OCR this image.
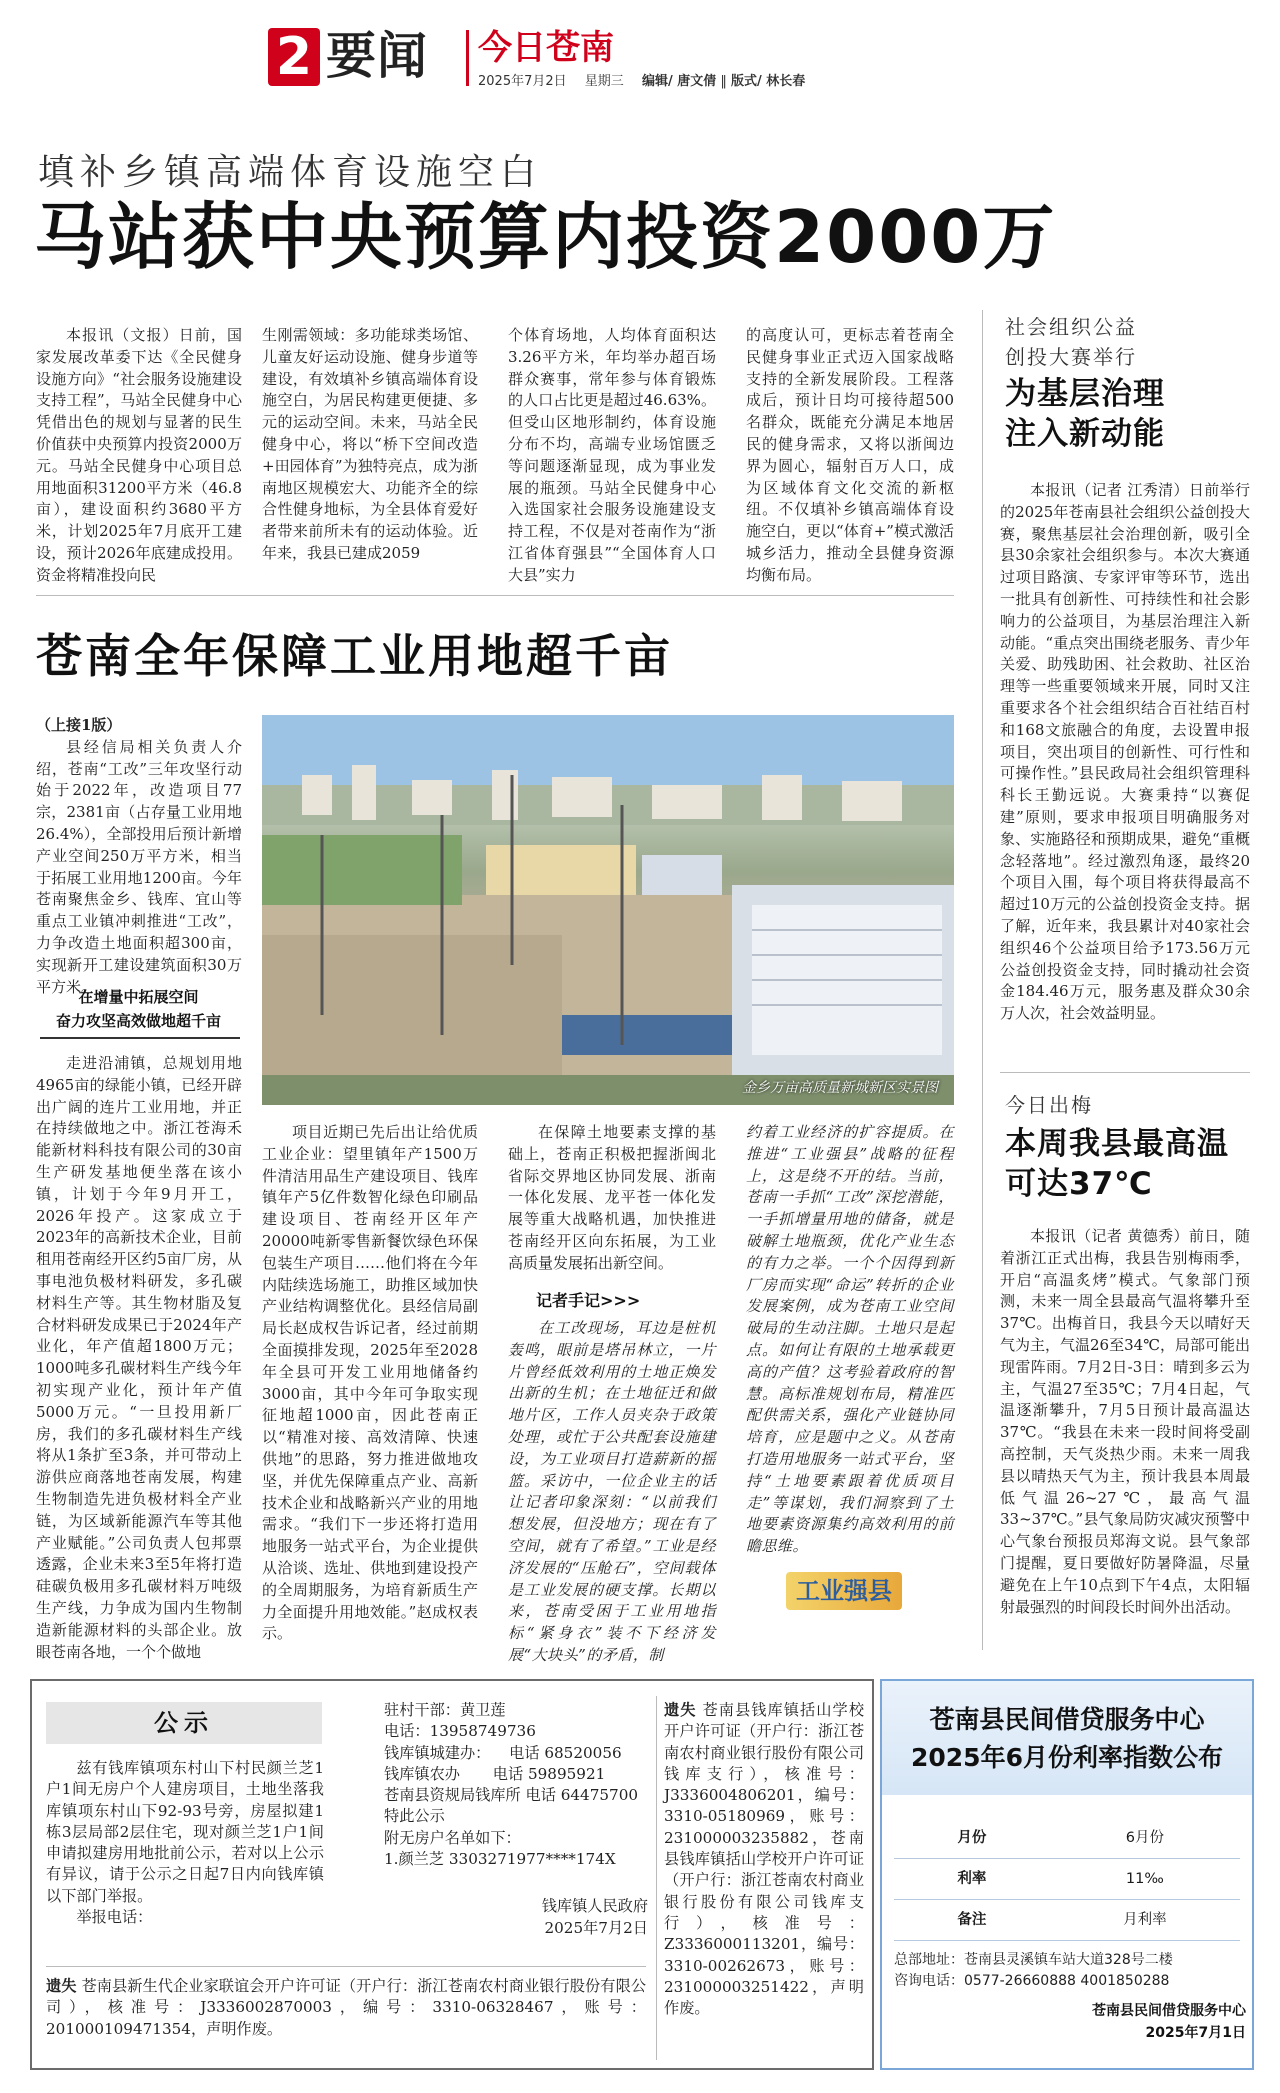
2 要闻 今日苍南
2025年7月2日 星期三 编辑/ 唐文倩 ‖ 版式/ 林长春
填补乡镇高端体育设施空白
马站获中央预算内投资2000万

本报讯（文报）日前，国家发展改革委下达《全民健身设施方向》“社会服务设施建设支持工程”，马站全民健身中心凭借出色的规划与显著的民生价值获中央预算内投资2000万元。马站全民健身中心项目总用地面积31200平方米（46.8亩），建设面积约3680平方米，计划2025年7月底开工建设，预计2026年底建成投用。资金将精准投向民

生刚需领域：多功能球类场馆、儿童友好运动设施、健身步道等建设，有效填补乡镇高端体育设施空白，为居民构建更便捷、多元的运动空间。未来，马站全民健身中心，将以“桥下空间改造+田园体育”为独特亮点，成为浙南地区规模宏大、功能齐全的综合性健身地标，为全县体育爱好者带来前所未有的运动体验。近年来，我县已建成2059

个体育场地，人均体育面积达3.26平方米，年均举办超百场群众赛事，常年参与体育锻炼的人口占比更是超过46.63%。但受山区地形制约，体育设施分布不均，高端专业场馆匮乏等问题逐渐显现，成为事业发展的瓶颈。马站全民健身中心入选国家社会服务设施建设支持工程，不仅是对苍南作为“浙江省体育强县”“全国体育人口大县”实力

的高度认可，更标志着苍南全民健身事业正式迈入国家战略支持的全新发展阶段。工程落成后，预计日均可接待超500名群众，既能充分满足本地居民的健身需求，又将以浙闽边界为圆心，辐射百万人口，成为区域体育文化交流的新枢纽。不仅填补乡镇高端体育设施空白，更以“体育+”模式激活城乡活力，推动全县健身资源均衡布局。

苍南全年保障工业用地超千亩

（上接1版）

县经信局相关负责人介绍，苍南“工改”三年攻坚行动始于2022年，改造项目77宗，2381亩（占存量工业用地26.4%），全部投用后预计新增产业空间250万平方米，相当于拓展工业用地1200亩。今年苍南聚焦金乡、钱库、宜山等重点工业镇冲刺推进“工改”，力争改造土地面积超300亩，实现新开工建设建筑面积30万平方米。

在增量中拓展空间
奋力攻坚高效做地超千亩

走进沿浦镇，总规划用地4965亩的绿能小镇，已经开辟出广阔的连片工业用地，并正在持续做地之中。浙江苍海禾能新材料科技有限公司的30亩生产研发基地便坐落在该小镇，计划于今年9月开工，2026年投产。这家成立于2023年的高新技术企业，目前租用苍南经开区约5亩厂房，从事电池负极材料研发，多孔碳材料生产等。其生物材脂及复合材料研发成果已于2024年产业化，年产值超1800万元；1000吨多孔碳材料生产线今年初实现产业化，预计年产值5000万元。“一旦投用新厂房，我们的多孔碳材料生产线将从1条扩至3条，并可带动上游供应商落地苍南发展，构建生物制造先进负极材料全产业链，为区域新能源汽车等其他产业赋能。”公司负责人包邦票透露，企业未来3至5年将打造硅碳负极用多孔碳材料万吨级生产线，力争成为国内生物制造新能源材料的头部企业。放眼苍南各地，一个个做地

金乡万亩高质量新城新区实景图

项目近期已先后出让给优质工业企业：望里镇年产1500万件清洁用品生产建设项目、钱库镇年产5亿件数智化绿色印刷品建设项目、苍南经开区年产20000吨新零售新餐饮绿色环保包装生产项目……他们将在今年内陆续选场施工，助推区域加快产业结构调整优化。县经信局副局长赵成权告诉记者，经过前期全面摸排发现，2025年至2028年全县可开发工业用地储备约3000亩，其中今年可争取实现征地超1000亩，因此苍南正以“精准对接、高效清障、快速供地”的思路，努力推进做地攻坚，并优先保障重点产业、高新技术企业和战略新兴产业的用地需求。“我们下一步还将打造用地服务一站式平台，为企业提供从洽谈、选址、供地到建设投产的全周期服务，为培育新质生产力全面提升用地效能。”赵成权表示。

在保障土地要素支撑的基础上，苍南正积极把握浙闽北省际交界地区协同发展、浙南一体化发展、龙平苍一体化发展等重大战略机遇，加快推进苍南经开区向东拓展，为工业高质量发展拓出新空间。

记者手记>>>

在工改现场，耳边是桩机轰鸣，眼前是塔吊林立，一片片曾经低效利用的土地正焕发出新的生机；在土地征迁和做地片区，工作人员夹杂于政策处理，或忙于公共配套设施建设，为工业项目打造薪新的摇篮。采访中，一位企业主的话让记者印象深刻：“以前我们想发展，但没地方；现在有了空间，就有了希望。”工业是经济发展的“压舱石”，空间载体是工业发展的硬支撑。长期以来，苍南受困于工业用地指标“紧身衣”装不下经济发展“大块头”的矛盾，制

约着工业经济的扩容提质。在推进“工业强县”战略的征程上，这是绕不开的结。当前，苍南一手抓“工改”深挖潜能，一手抓增量用地的储备，就是破解土地瓶颈，优化产业生态的有力之举。一个个因得到新厂房而实现“命运”转折的企业发展案例，成为苍南工业空间破局的生动注脚。土地只是起点。如何让有限的土地承载更高的产值？这考验着政府的智慧。高标准规划布局，精准匹配供需关系，强化产业链协同培育，应是题中之义。从苍南打造用地服务一站式平台，坚持“土地要素跟着优质项目走”等谋划，我们洞察到了土地要素资源集约高效利用的前瞻思维。

工业强县
社会组织公益
创投大赛举行
为基层治理
注入新动能

本报讯（记者 江秀清）日前举行的2025年苍南县社会组织公益创投大赛，聚焦基层社会治理创新，吸引全县30余家社会组织参与。本次大赛通过项目路演、专家评审等环节，选出一批具有创新性、可持续性和社会影响力的公益项目，为基层治理注入新动能。“重点突出围绕老服务、青少年关爱、助残助困、社会救助、社区治理等一些重要领域来开展，同时又注重要求各个社会组织结合百社结百村和168文旅融合的角度，去设置申报项目，突出项目的创新性、可行性和可操作性。”县民政局社会组织管理科科长王勤远说。大赛秉持“以赛促建”原则，要求申报项目明确服务对象、实施路径和预期成果，避免“重概念轻落地”。经过激烈角逐，最终20个项目入围，每个项目将获得最高不超过10万元的公益创投资金支持。据了解，近年来，我县累计对40家社会组织46个公益项目给予173.56万元公益创投资金支持，同时撬动社会资金184.46万元，服务惠及群众30余万人次，社会效益明显。

今日出梅
本周我县最高温
可达37℃

本报讯（记者 黄德秀）前日，随着浙江正式出梅，我县告别梅雨季，开启“高温炙烤”模式。气象部门预测，未来一周全县最高气温将攀升至37℃。出梅首日，我县今天以晴好天气为主，气温26至34℃，局部可能出现雷阵雨。7月2日-3日：晴到多云为主，气温27至35℃；7月4日起，气温逐渐攀升，7月5日预计最高温达37℃。“我县在未来一段时间将受副高控制，天气炎热少雨。未来一周我县以晴热天气为主，预计我县本周最低气温26~27℃，最高气温33~37℃。”县气象局防灾减灾预警中心气象台预报员郑海文说。县气象部门提醒，夏日要做好防暑降温，尽量避免在上午10点到下午4点，太阳辐射最强烈的时间段长时间外出活动。

公示

兹有钱库镇项东村山下村民颜兰芝1户1间无房户个人建房项目，土地坐落我库镇项东村山下92-93号旁，房屋拟建1栋3层局部2层住宅，现对颜兰芝1户1间申请拟建房用地批前公示，若对以上公示有异议，请于公示之日起7日内向钱库镇以下部门举报。

举报电话：

驻村干部：黄卫莲
电话：13958749736
钱库镇城建办： 电话 68520056
钱库镇农办 电话 59895921
苍南县资规局钱库所 电话 64475700
特此公示
附无房户名单如下：
1.颜兰芝 3303271977****174X
钱库镇人民政府
2025年7月2日

遗失 苍南县新生代企业家联谊会开户许可证（开户行：浙江苍南农村商业银行股份有限公司），核准号：J3336002870003，编号：3310-06328467，账号：201000109471354，声明作废。

遗失 苍南县钱库镇括山学校开户许可证（开户行：浙江苍南农村商业银行股份有限公司钱库支行），核准号：J3336004806201，编号：3310-05180969，账号：231000003235882，苍南县钱库镇括山学校开户许可证（开户行：浙江苍南农村商业银行股份有限公司钱库支行），核准号：Z3336000113201，编号：3310-00262673，账号：231000003251422，声明作废。

苍南县民间借贷服务中心
2025年6月份利率指数公布
月份	6月份
利率	11‰
备注	月利率
总部地址：苍南县灵溪镇车站大道328号二楼
咨询电话：0577-26660888 4001850288
苍南县民间借贷服务中心
2025年7月1日
